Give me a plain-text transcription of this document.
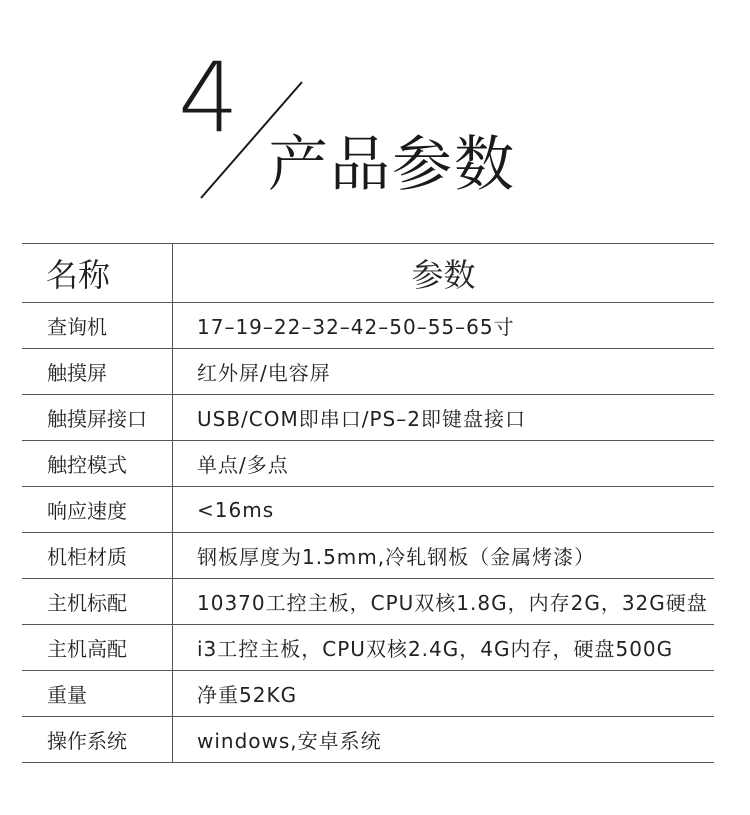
4
产品参数
名称	参数
查询机	17–19–22–32–42–50–55–65寸
触摸屏	红外屏/电容屏
触摸屏接口	USB/COM即串口/PS–2即键盘接口
触控模式	单点/多点
响应速度	<16ms
机柜材质	钢板厚度为1.5mm,冷轧钢板（金属烤漆）
主机标配	10370工控主板，CPU双核1.8G，内存2G，32G硬盘
主机高配	i3工控主板，CPU双核2.4G，4G内存，硬盘500G
重量	净重52KG
操作系统	windows,安卓系统
